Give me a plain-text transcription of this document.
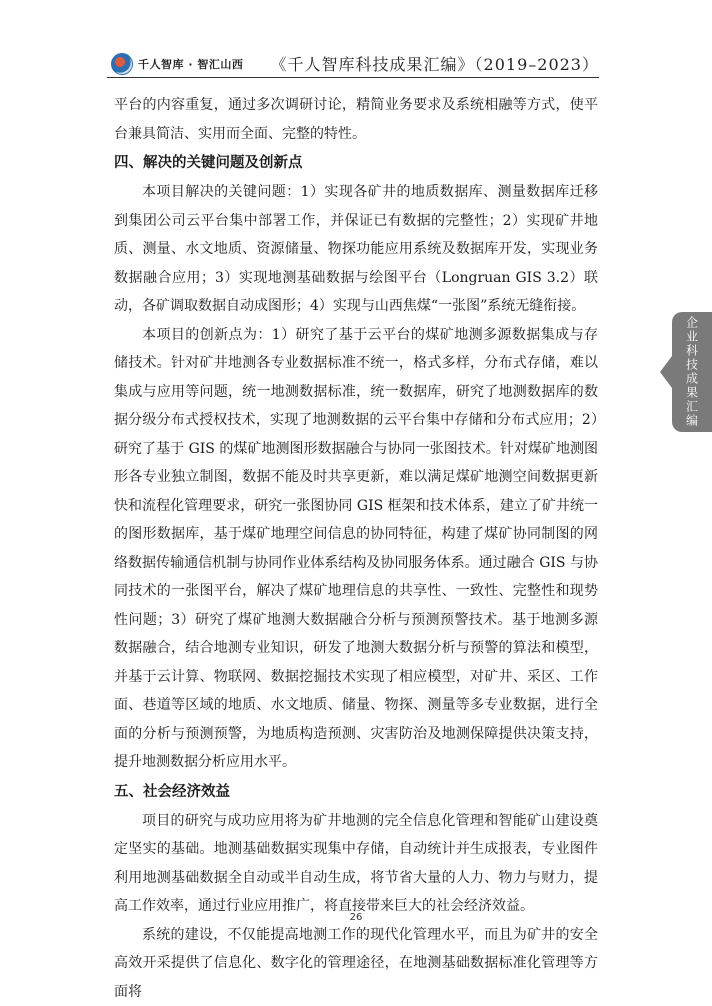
千人智库 · 智汇山西 《千人智库科技成果汇编》（2019–2023）

平台的内容重复，通过多次调研讨论，精简业务要求及系统相融等方式，使平台兼具简洁、实用而全面、完整的特性。

四、解决的关键问题及创新点

本项目解决的关键问题：1）实现各矿井的地质数据库、测量数据库迁移到集团公司云平台集中部署工作，并保证已有数据的完整性；2）实现矿井地质、测量、水文地质、资源储量、物探功能应用系统及数据库开发，实现业务数据融合应用；3）实现地测基础数据与绘图平台（Longruan GIS 3.2）联动，各矿调取数据自动成图形；4）实现与山西焦煤“一张图”系统无缝衔接。

本项目的创新点为：1）研究了基于云平台的煤矿地测多源数据集成与存储技术。针对矿井地测各专业数据标准不统一，格式多样，分布式存储，难以集成与应用等问题，统一地测数据标准，统一数据库，研究了地测数据库的数据分级分布式授权技术，实现了地测数据的云平台集中存储和分布式应用；2）研究了基于 GIS 的煤矿地测图形数据融合与协同一张图技术。针对煤矿地测图形各专业独立制图，数据不能及时共享更新，难以满足煤矿地测空间数据更新快和流程化管理要求，研究一张图协同 GIS 框架和技术体系，建立了矿井统一的图形数据库，基于煤矿地理空间信息的协同特征，构建了煤矿协同制图的网络数据传输通信机制与协同作业体系结构及协同服务体系。通过融合 GIS 与协同技术的一张图平台，解决了煤矿地理信息的共享性、一致性、完整性和现势性问题；3）研究了煤矿地测大数据融合分析与预测预警技术。基于地测多源数据融合，结合地测专业知识，研发了地测大数据分析与预警的算法和模型，并基于云计算、物联网、数据挖掘技术实现了相应模型，对矿井、采区、工作面、巷道等区域的地质、水文地质、储量、物探、测量等多专业数据，进行全面的分析与预测预警，为地质构造预测、灾害防治及地测保障提供决策支持，提升地测数据分析应用水平。

五、社会经济效益

项目的研究与成功应用将为矿井地测的完全信息化管理和智能矿山建设奠定坚实的基础。地测基础数据实现集中存储，自动统计并生成报表，专业图件利用地测基础数据全自动或半自动生成，将节省大量的人力、物力与财力，提高工作效率，通过行业应用推广，将直接带来巨大的社会经济效益。

系统的建设，不仅能提高地测工作的现代化管理水平，而且为矿井的安全高效开采提供了信息化、数字化的管理途径，在地测基础数据标准化管理等方面将

企业科技成果汇编
26
